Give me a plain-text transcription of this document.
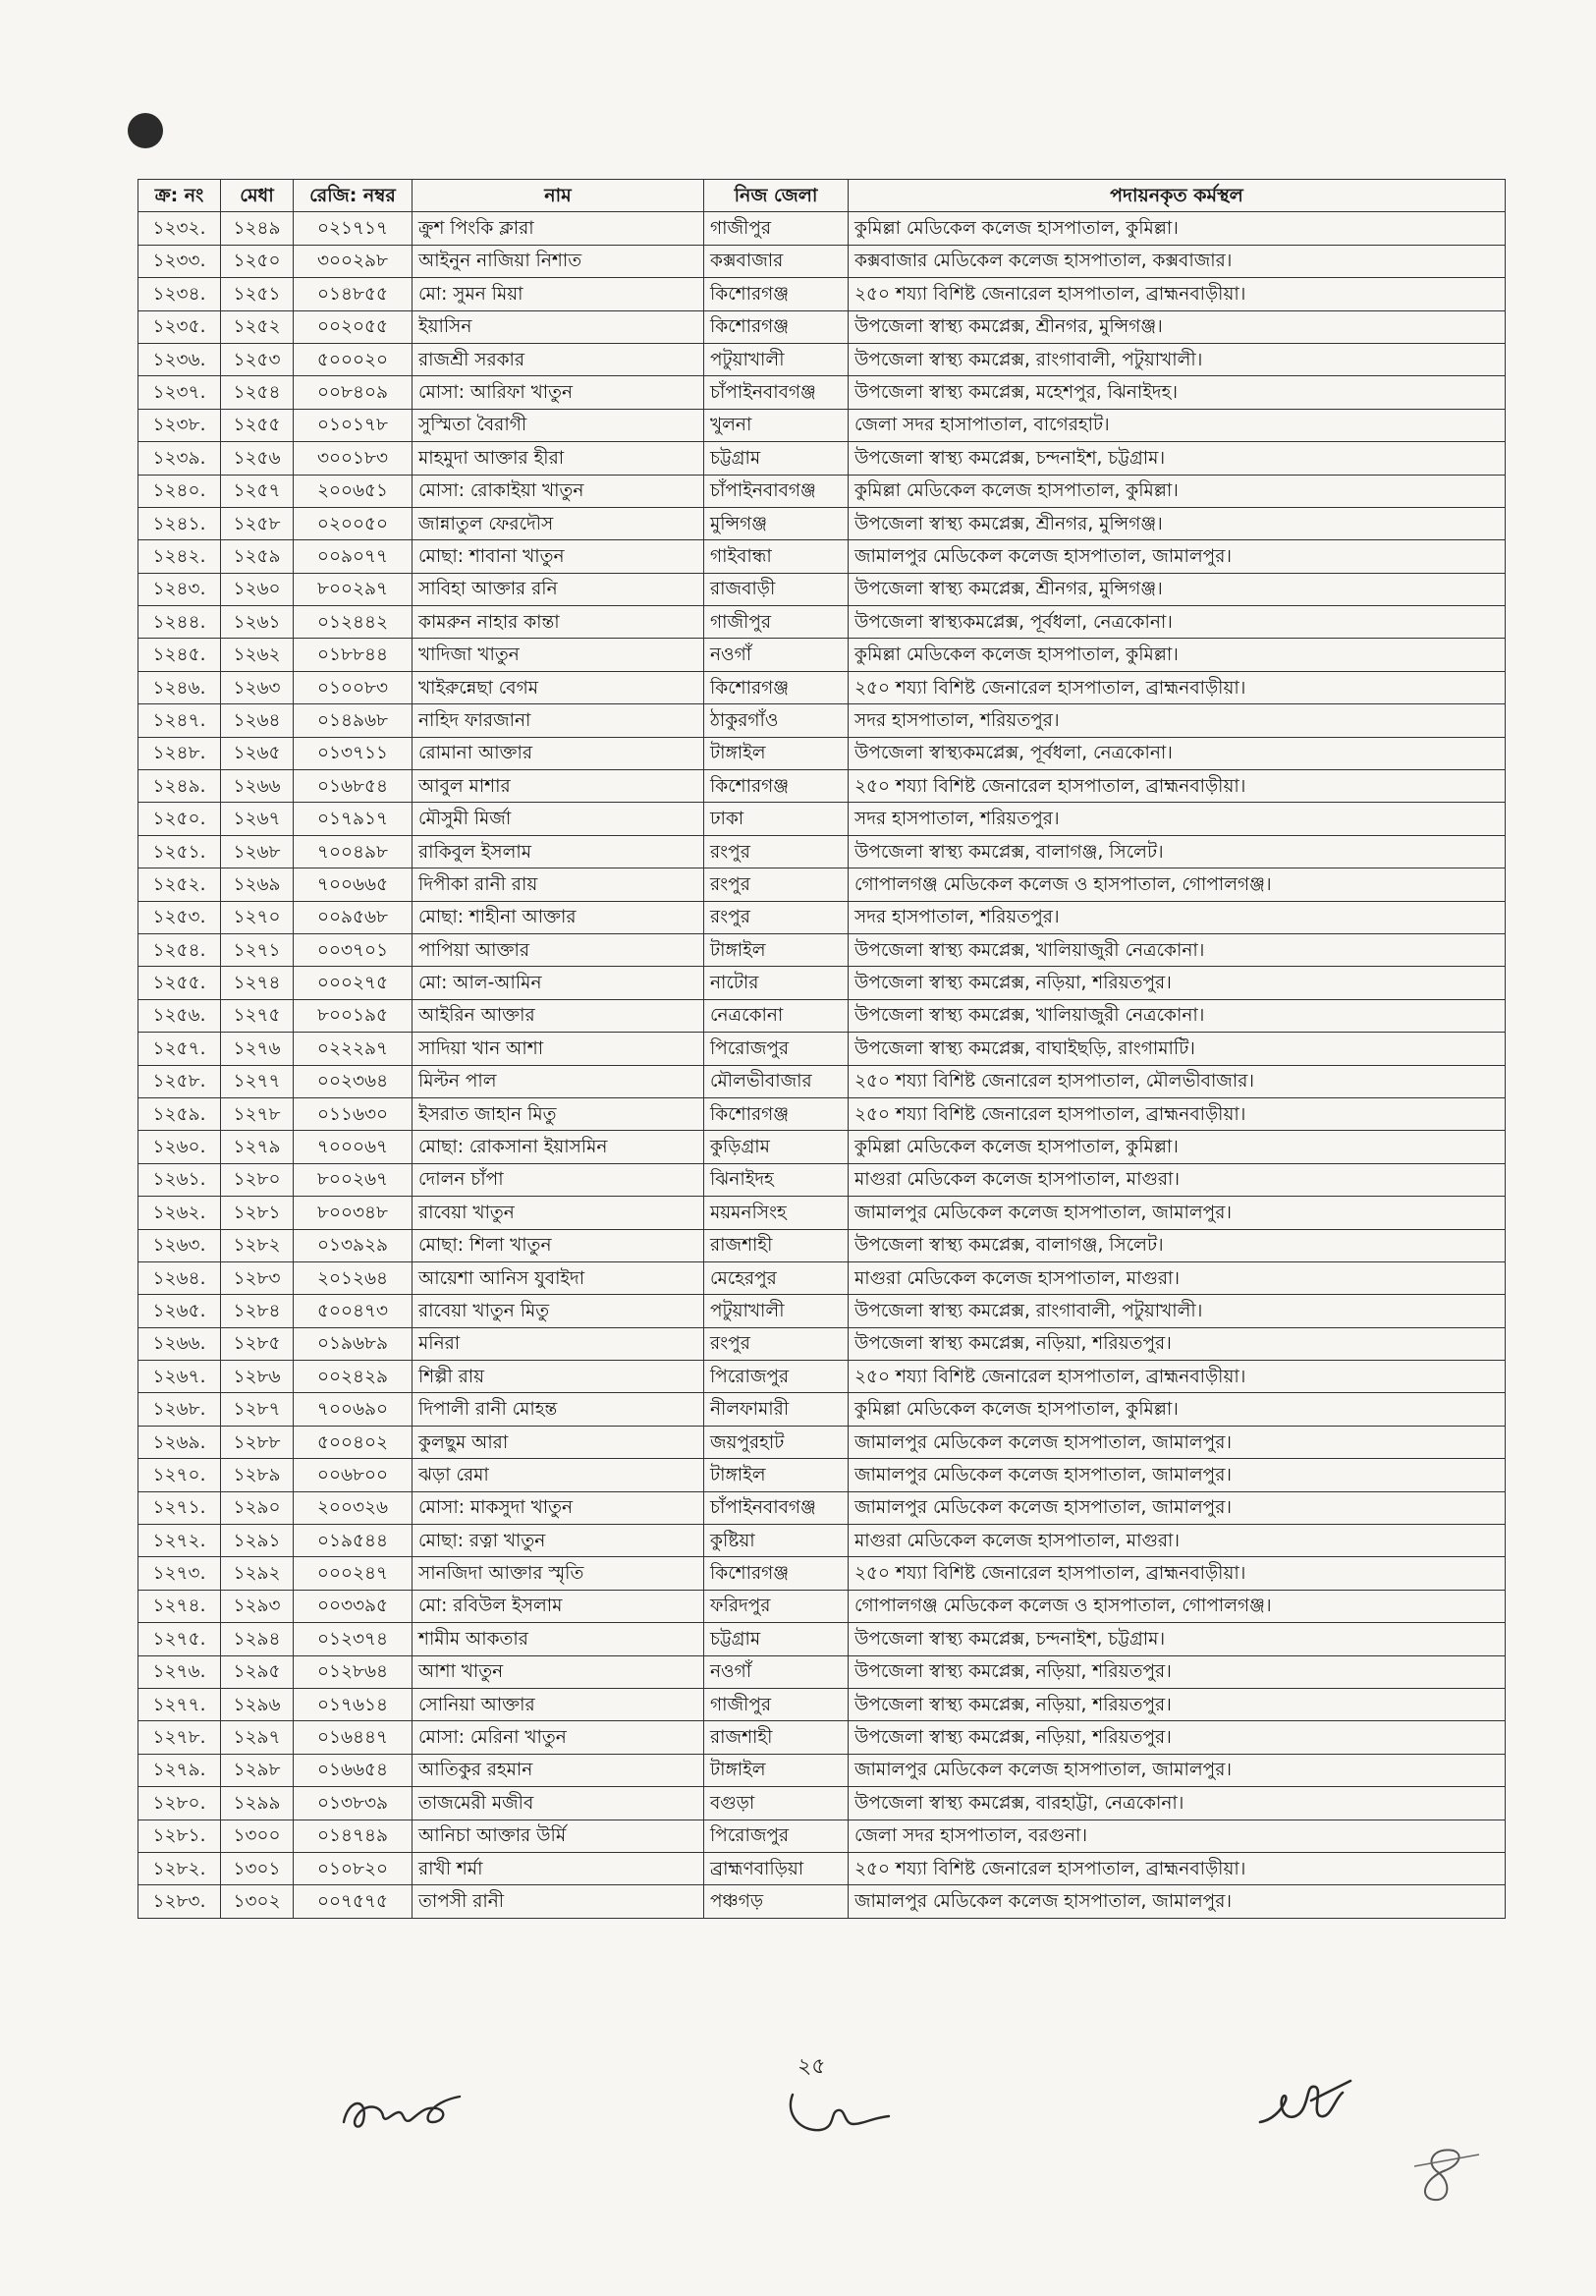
ক্র: নং	মেধা	রেজি: নম্বর	নাম	নিজ জেলা	পদায়নকৃত কর্মস্থল
১২৩২.	১২৪৯	০২১৭১৭	ক্রুশ পিংকি ক্লারা	গাজীপুর	কুমিল্লা মেডিকেল কলেজ হাসপাতাল, কুমিল্লা।
১২৩৩.	১২৫০	৩০০২৯৮	আইনুন নাজিয়া নিশাত	কক্সবাজার	কক্সবাজার মেডিকেল কলেজ হাসপাতাল, কক্সবাজার।
১২৩৪.	১২৫১	০১৪৮৫৫	মো: সুমন মিয়া	কিশোরগঞ্জ	২৫০ শয্যা বিশিষ্ট জেনারেল হাসপাতাল, ব্রাহ্মনবাড়ীয়া।
১২৩৫.	১২৫২	০০২০৫৫	ইয়াসিন	কিশোরগঞ্জ	উপজেলা স্বাস্থ্য কমপ্লেক্স, শ্রীনগর, মুন্সিগঞ্জ।
১২৩৬.	১২৫৩	৫০০০২০	রাজশ্রী সরকার	পটুয়াখালী	উপজেলা স্বাস্থ্য কমপ্লেক্স, রাংগাবালী, পটুয়াখালী।
১২৩৭.	১২৫৪	০০৮৪০৯	মোসা: আরিফা খাতুন	চাঁপাইনবাবগঞ্জ	উপজেলা স্বাস্থ্য কমপ্লেক্স, মহেশপুর, ঝিনাইদহ।
১২৩৮.	১২৫৫	০১০১৭৮	সুস্মিতা বৈরাগী	খুলনা	জেলা সদর হাসাপাতাল, বাগেরহাট।
১২৩৯.	১২৫৬	৩০০১৮৩	মাহমুদা আক্তার হীরা	চট্টগ্রাম	উপজেলা স্বাস্থ্য কমপ্লেক্স, চন্দনাইশ, চট্টগ্রাম।
১২৪০.	১২৫৭	২০০৬৫১	মোসা: রোকাইয়া খাতুন	চাঁপাইনবাবগঞ্জ	কুমিল্লা মেডিকেল কলেজ হাসপাতাল, কুমিল্লা।
১২৪১.	১২৫৮	০২০০৫০	জান্নাতুল ফেরদৌস	মুন্সিগঞ্জ	উপজেলা স্বাস্থ্য কমপ্লেক্স, শ্রীনগর, মুন্সিগঞ্জ।
১২৪২.	১২৫৯	০০৯০৭৭	মোছা: শাবানা খাতুন	গাইবান্ধা	জামালপুর মেডিকেল কলেজ হাসপাতাল, জামালপুর।
১২৪৩.	১২৬০	৮০০২৯৭	সাবিহা আক্তার রনি	রাজবাড়ী	উপজেলা স্বাস্থ্য কমপ্লেক্স, শ্রীনগর, মুন্সিগঞ্জ।
১২৪৪.	১২৬১	০১২৪৪২	কামরুন নাহার কান্তা	গাজীপুর	উপজেলা স্বাস্থ্যকমপ্লেক্স, পূর্বধলা, নেত্রকোনা।
১২৪৫.	১২৬২	০১৮৮৪৪	খাদিজা খাতুন	নওগাঁ	কুমিল্লা মেডিকেল কলেজ হাসপাতাল, কুমিল্লা।
১২৪৬.	১২৬৩	০১০০৮৩	খাইরুন্নেছা বেগম	কিশোরগঞ্জ	২৫০ শয্যা বিশিষ্ট জেনারেল হাসপাতাল, ব্রাহ্মনবাড়ীয়া।
১২৪৭.	১২৬৪	০১৪৯৬৮	নাহিদ ফারজানা	ঠাকুরগাঁও	সদর হাসপাতাল, শরিয়তপুর।
১২৪৮.	১২৬৫	০১৩৭১১	রোমানা আক্তার	টাঙ্গাইল	উপজেলা স্বাস্থ্যকমপ্লেক্স, পূর্বধলা, নেত্রকোনা।
১২৪৯.	১২৬৬	০১৬৮৫৪	আবুল মাশার	কিশোরগঞ্জ	২৫০ শয্যা বিশিষ্ট জেনারেল হাসপাতাল, ব্রাহ্মনবাড়ীয়া।
১২৫০.	১২৬৭	০১৭৯১৭	মৌসুমী মির্জা	ঢাকা	সদর হাসপাতাল, শরিয়তপুর।
১২৫১.	১২৬৮	৭০০৪৯৮	রাকিবুল ইসলাম	রংপুর	উপজেলা স্বাস্থ্য কমপ্লেক্স, বালাগঞ্জ, সিলেট।
১২৫২.	১২৬৯	৭০০৬৬৫	দিপীকা রানী রায়	রংপুর	গোপালগঞ্জ মেডিকেল কলেজ ও হাসপাতাল, গোপালগঞ্জ।
১২৫৩.	১২৭০	০০৯৫৬৮	মোছা: শাহীনা আক্তার	রংপুর	সদর হাসপাতাল, শরিয়তপুর।
১২৫৪.	১২৭১	০০৩৭০১	পাপিয়া আক্তার	টাঙ্গাইল	উপজেলা স্বাস্থ্য কমপ্লেক্স, খালিয়াজুরী নেত্রকোনা।
১২৫৫.	১২৭৪	০০০২৭৫	মো: আল-আমিন	নাটোর	উপজেলা স্বাস্থ্য কমপ্লেক্স, নড়িয়া, শরিয়তপুর।
১২৫৬.	১২৭৫	৮০০১৯৫	আইরিন আক্তার	নেত্রকোনা	উপজেলা স্বাস্থ্য কমপ্লেক্স, খালিয়াজুরী নেত্রকোনা।
১২৫৭.	১২৭৬	০২২২৯৭	সাদিয়া খান আশা	পিরোজপুর	উপজেলা স্বাস্থ্য কমপ্লেক্স, বাঘাইছড়ি, রাংগামাটি।
১২৫৮.	১২৭৭	০০২৩৬৪	মিল্টন পাল	মৌলভীবাজার	২৫০ শয্যা বিশিষ্ট জেনারেল হাসপাতাল, মৌলভীবাজার।
১২৫৯.	১২৭৮	০১১৬৩০	ইসরাত জাহান মিতু	কিশোরগঞ্জ	২৫০ শয্যা বিশিষ্ট জেনারেল হাসপাতাল, ব্রাহ্মনবাড়ীয়া।
১২৬০.	১২৭৯	৭০০০৬৭	মোছা: রোকসানা ইয়াসমিন	কুড়িগ্রাম	কুমিল্লা মেডিকেল কলেজ হাসপাতাল, কুমিল্লা।
১২৬১.	১২৮০	৮০০২৬৭	দোলন চাঁপা	ঝিনাইদহ	মাগুরা মেডিকেল কলেজ হাসপাতাল, মাগুরা।
১২৬২.	১২৮১	৮০০৩৪৮	রাবেয়া খাতুন	ময়মনসিংহ	জামালপুর মেডিকেল কলেজ হাসপাতাল, জামালপুর।
১২৬৩.	১২৮২	০১৩৯২৯	মোছা: শিলা খাতুন	রাজশাহী	উপজেলা স্বাস্থ্য কমপ্লেক্স, বালাগঞ্জ, সিলেট।
১২৬৪.	১২৮৩	২০১২৬৪	আয়েশা আনিস যুবাইদা	মেহেরপুর	মাগুরা মেডিকেল কলেজ হাসপাতাল, মাগুরা।
১২৬৫.	১২৮৪	৫০০৪৭৩	রাবেয়া খাতুন মিতু	পটুয়াখালী	উপজেলা স্বাস্থ্য কমপ্লেক্স, রাংগাবালী, পটুয়াখালী।
১২৬৬.	১২৮৫	০১৯৬৮৯	মনিরা	রংপুর	উপজেলা স্বাস্থ্য কমপ্লেক্স, নড়িয়া, শরিয়তপুর।
১২৬৭.	১২৮৬	০০২৪২৯	শিল্পী রায়	পিরোজপুর	২৫০ শয্যা বিশিষ্ট জেনারেল হাসপাতাল, ব্রাহ্মনবাড়ীয়া।
১২৬৮.	১২৮৭	৭০০৬৯০	দিপালী রানী মোহন্ত	নীলফামারী	কুমিল্লা মেডিকেল কলেজ হাসপাতাল, কুমিল্লা।
১২৬৯.	১২৮৮	৫০০৪০২	কুলছুম আরা	জয়পুরহাট	জামালপুর মেডিকেল কলেজ হাসপাতাল, জামালপুর।
১২৭০.	১২৮৯	০০৬৮০০	ঝড়া রেমা	টাঙ্গাইল	জামালপুর মেডিকেল কলেজ হাসপাতাল, জামালপুর।
১২৭১.	১২৯০	২০০৩২৬	মোসা: মাকসুদা খাতুন	চাঁপাইনবাবগঞ্জ	জামালপুর মেডিকেল কলেজ হাসপাতাল, জামালপুর।
১২৭২.	১২৯১	০১৯৫৪৪	মোছা: রত্না খাতুন	কুষ্টিয়া	মাগুরা মেডিকেল কলেজ হাসপাতাল, মাগুরা।
১২৭৩.	১২৯২	০০০২৪৭	সানজিদা আক্তার স্মৃতি	কিশোরগঞ্জ	২৫০ শয্যা বিশিষ্ট জেনারেল হাসপাতাল, ব্রাহ্মনবাড়ীয়া।
১২৭৪.	১২৯৩	০০৩৩৯৫	মো: রবিউল ইসলাম	ফরিদপুর	গোপালগঞ্জ মেডিকেল কলেজ ও হাসপাতাল, গোপালগঞ্জ।
১২৭৫.	১২৯৪	০১২৩৭৪	শামীম আকতার	চট্টগ্রাম	উপজেলা স্বাস্থ্য কমপ্লেক্স, চন্দনাইশ, চট্টগ্রাম।
১২৭৬.	১২৯৫	০১২৮৬৪	আশা খাতুন	নওগাঁ	উপজেলা স্বাস্থ্য কমপ্লেক্স, নড়িয়া, শরিয়তপুর।
১২৭৭.	১২৯৬	০১৭৬১৪	সোনিয়া আক্তার	গাজীপুর	উপজেলা স্বাস্থ্য কমপ্লেক্স, নড়িয়া, শরিয়তপুর।
১২৭৮.	১২৯৭	০১৬৪৪৭	মোসা: মেরিনা খাতুন	রাজশাহী	উপজেলা স্বাস্থ্য কমপ্লেক্স, নড়িয়া, শরিয়তপুর।
১২৭৯.	১২৯৮	০১৬৬৫৪	আতিকুর রহমান	টাঙ্গাইল	জামালপুর মেডিকেল কলেজ হাসপাতাল, জামালপুর।
১২৮০.	১২৯৯	০১৩৮৩৯	তাজমেরী মজীব	বগুড়া	উপজেলা স্বাস্থ্য কমপ্লেক্স, বারহাট্টা, নেত্রকোনা।
১২৮১.	১৩০০	০১৪৭৪৯	আনিচা আক্তার উর্মি	পিরোজপুর	জেলা সদর হাসপাতাল, বরগুনা।
১২৮২.	১৩০১	০১০৮২০	রাখী শর্মা	ব্রাহ্মণবাড়িয়া	২৫০ শয্যা বিশিষ্ট জেনারেল হাসপাতাল, ব্রাহ্মনবাড়ীয়া।
১২৮৩.	১৩০২	০০৭৫৭৫	তাপসী রানী	পঞ্চগড়	জামালপুর মেডিকেল কলেজ হাসপাতাল, জামালপুর।
২৫
